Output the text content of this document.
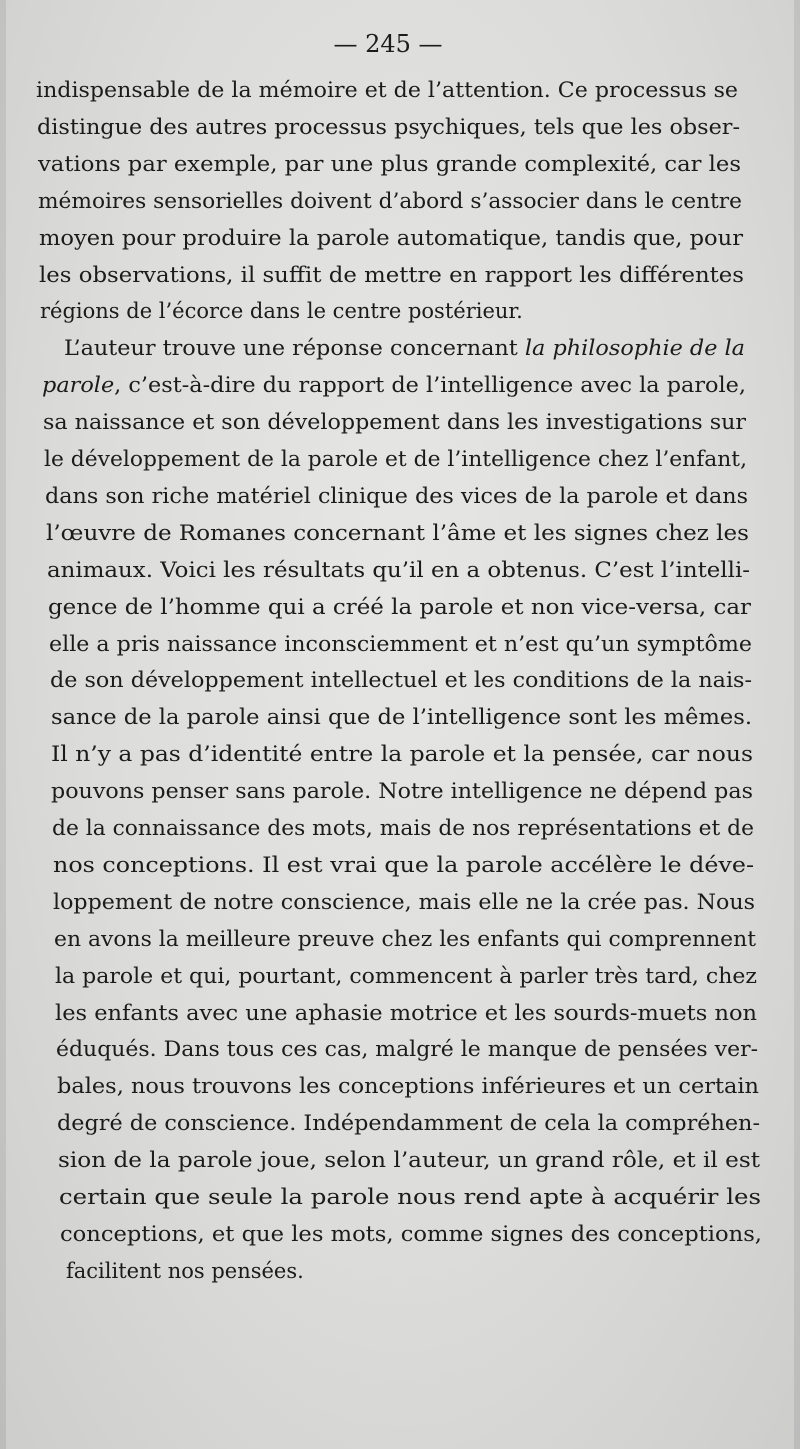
— 245 —
indispensable de la mémoire et de l’attention. Ce processus se
distingue des autres processus psychiques, tels que les obser-
vations par exemple, par une plus grande complexité, car les
mémoires sensorielles doivent d’abord s’associer dans le centre
moyen pour produire la parole automatique, tandis que, pour
les observations, il suffit de mettre en rapport les différentes
régions de l’écorce dans le centre postérieur.
L’auteur trouve une réponse concernant la philosophie de la
parole, c’est-à-dire du rapport de l’intelligence avec la parole,
sa naissance et son développement dans les investigations sur
le développement de la parole et de l’intelligence chez l’enfant,
dans son riche matériel clinique des vices de la parole et dans
l’œuvre de Romanes concernant l’âme et les signes chez les
animaux. Voici les résultats qu’il en a obtenus. C’est l’intelli-
gence de l’homme qui a créé la parole et non vice-versa, car
elle a pris naissance inconsciemment et n’est qu’un symptôme
de son développement intellectuel et les conditions de la nais-
sance de la parole ainsi que de l’intelligence sont les mêmes.
Il n’y a pas d’identité entre la parole et la pensée, car nous
pouvons penser sans parole. Notre intelligence ne dépend pas
de la connaissance des mots, mais de nos représentations et de
nos conceptions. Il est vrai que la parole accélère le déve-
loppement de notre conscience, mais elle ne la crée pas. Nous
en avons la meilleure preuve chez les enfants qui comprennent
la parole et qui, pourtant, commencent à parler très tard, chez
les enfants avec une aphasie motrice et les sourds-muets non
éduqués. Dans tous ces cas, malgré le manque de pensées ver-
bales, nous trouvons les conceptions inférieures et un certain
degré de conscience. Indépendamment de cela la compréhen-
sion de la parole joue, selon l’auteur, un grand rôle, et il est
certain que seule la parole nous rend apte à acquérir les
conceptions, et que les mots, comme signes des conceptions,
facilitent nos pensées.
